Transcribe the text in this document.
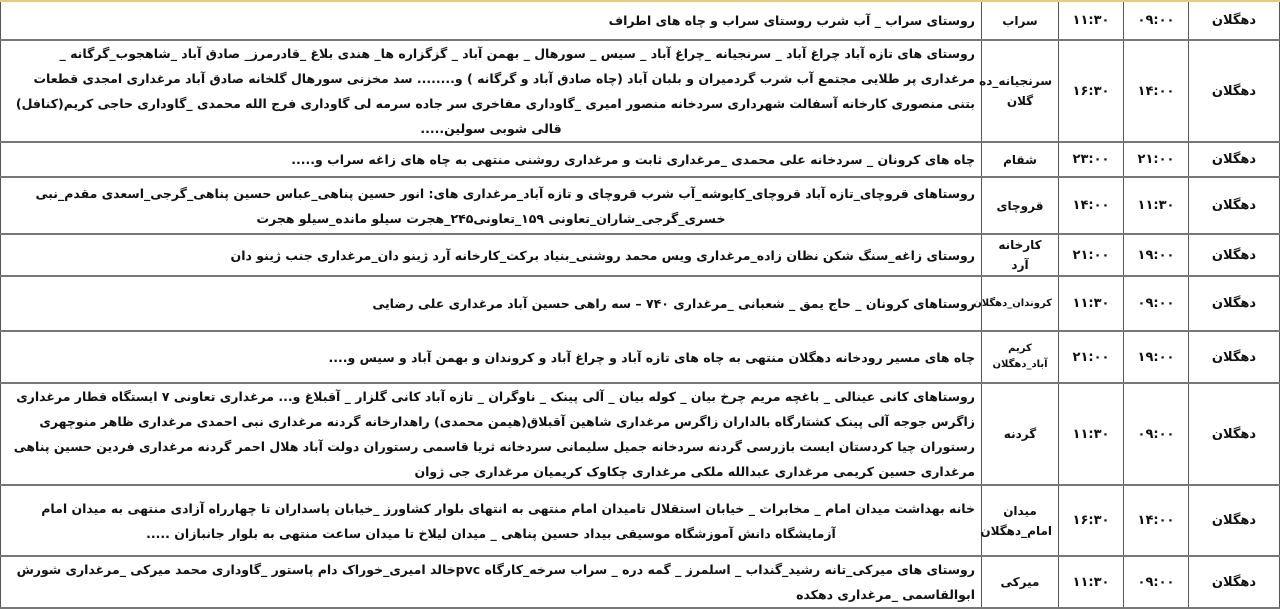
دهگلان	۰۹:۰۰	۱۱:۳۰	سراب	روستای سراب _ آب شرب روستای سراب و چاه های اطراف
دهگلان	۱۴:۰۰	۱۶:۳۰	سرنجیانه_ده گلان	روستای های تازه آباد چراغ آباد _ سرنجیانه _چراغ آباد _ سیس _ سورهال _ بهمن آباد _ گزگزاره ها_ هندی بلاغ _قادرمرز_ صادق آباد _شاهجوب_گرگانه _ مرغداری پر طلایی مجتمع آب شرب گردمیران و بلبان آباد (چاه صادق آباد و گرگانه ) و........ سد مخزنی سورهال گلخانه صادق آباد مرغداری امجدی قطعات بتنی منصوری کارخانه آسفالت شهرداری سردخانه منصور امیری _گاوداری مفاخری سر جاده سرمه لی گاوداری فرج الله محمدی _گاوداری حاجی کریم(کنافل) قالی شوبی سولین.....
دهگلان	۲۱:۰۰	۲۳:۰۰	شقام	چاه های کرونان _ سردخانه علی محمدی _مرغداری ثابت و مرغداری روشنی منتهی به چاه های زاغه سراب و.....
دهگلان	۱۱:۳۰	۱۴:۰۰	قروچای	روستاهای قروچای_تازه آباد قروچای_کایوشه_آب شرب قروچای و تازه آباد_مرغداری های: انور حسین پناهی_عباس حسین پناهی_گرجی_اسعدی مقدم_نبی خسری_گرجی_شاران_تعاونی ۱۵۹_تعاونی۲۴۵_هجرت سیلو مانده_سیلو هجرت
دهگلان	۱۹:۰۰	۲۱:۰۰	کارخانه آرد	روستای زاغه_سنگ شکن نظان زاده_مرغداری ویس محمد روشنی_بنیاد برکت_کارخانه آرد ژینو دان_مرغداری جنب ژینو دان
دهگلان	۰۹:۰۰	۱۱:۳۰	کروندان_دهگلان	روستاهای کرونان _ حاج یمق _ شعبانی _مرغداری ۷۴۰ – سه راهی حسین آباد مرغداری علی رضایی
دهگلان	۱۹:۰۰	۲۱:۰۰	کریم آباد_دهگلان	چاه های مسیر رودخانه دهگلان منتهی به چاه های تازه آباد و چراغ آباد و کروندان و بهمن آباد و سیس و....
دهگلان	۰۹:۰۰	۱۱:۳۰	گردنه	روستاهای کانی عینالی _ باغچه مریم چرخ بیان _ کوله بیان _ آلی پینک _ ناوگران _ تازه آباد کانی گلزار _ آقبلاغ و... مرغداری تعاونی ۷ ایستگاه قطار مرغداری زاگرس جوجه آلی پینک کشتارگاه بالداران زاگرس مرغداری شاهین آقبلاق(هیمن محمدی) راهدارخانه گردنه مرغداری نبی احمدی مرغداری ظاهر منوچهری رستوران چیا کردستان ایست بازرسی گردنه سردخانه جمیل سلیمانی سردخانه ثریا قاسمی رستوران دولت آباد هلال احمر گردنه مرغداری فردین حسین پناهی مرغداری حسین کریمی مرغداری عبدالله ملکی مرغداری چکاوک کریمیان مرغداری جی ژوان
دهگلان	۱۴:۰۰	۱۶:۳۰	میدان امام_دهگلان	خانه بهداشت میدان امام _ مخابرات _ خیابان استقلال تامیدان امام منتهی به انتهای بلوار کشاورز _خیابان پاسداران تا چهارراه آزادی منتهی به میدان امام آزمایشگاه دانش آموزشگاه موسیقی بیداد حسین پناهی _ میدان لیلاخ تا میدان ساعت منتهی به بلوار جانبازان .....
دهگلان	۰۹:۰۰	۱۱:۳۰	میرکی	روستای های میرکی_تانه رشید_گنداب _ اسلمرز _ گمه دره _ سراب سرخه_کارگاه pvcخالد امیری_خوراک دام پاستور _گاوداری محمد میرکی _مرغداری شورش ابوالقاسمی _مرغداری دهکده
